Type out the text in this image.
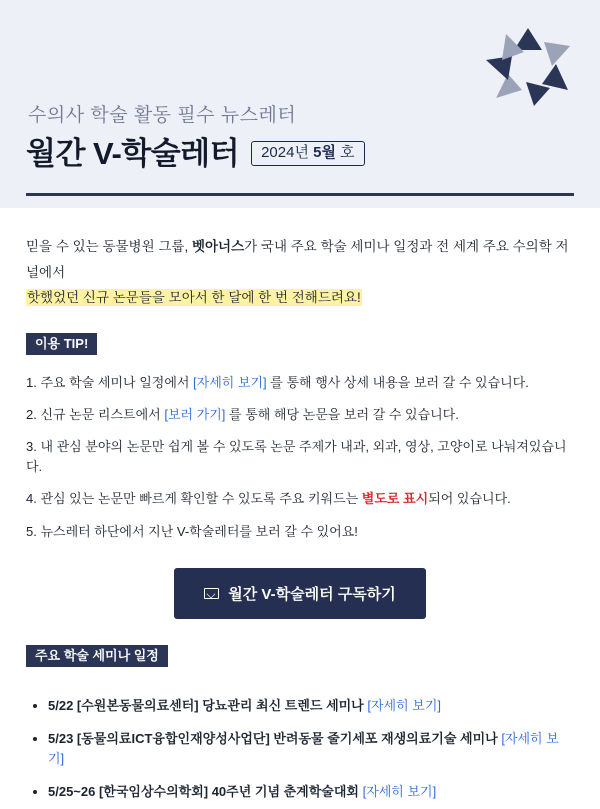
수의사 학술 활동 필수 뉴스레터
월간 V-학술레터	2024년 5월 호

믿을 수 있는 동물병원 그룹, 벳아너스가 국내 주요 학술 세미나 일정과 전 세계 주요 수의학 저널에서
핫했었던 신규 논문들을 모아서 한 달에 한 번 전해드려요!

이용 TIP!
1. 주요 학술 세미나 일정에서 [자세히 보기] 를 통해 행사 상세 내용을 보러 갈 수 있습니다.
2. 신규 논문 리스트에서 [보러 가기] 를 통해 해당 논문을 보러 갈 수 있습니다.
3. 내 관심 분야의 논문만 쉽게 볼 수 있도록 논문 주제가 내과, 외과, 영상, 고양이로 나눠져있습니다.
4. 관심 있는 논문만 빠르게 확인할 수 있도록 주요 키워드는 별도로 표시되어 있습니다.
5. 뉴스레터 하단에서 지난 V-학술레터를 보러 갈 수 있어요!
월간 V-학술레터 구독하기
주요 학술 세미나 일정
• 5/22 [수원본동물의료센터] 당뇨관리 최신 트렌드 세미나 [자세히 보기]
• 5/23 [동물의료ICT융합인재양성사업단] 반려동물 줄기세포 재생의료기술 세미나 [자세히 보기]
• 5/25~26 [한국임상수의학회] 40주년 기념 춘계학술대회 [자세히 보기]
